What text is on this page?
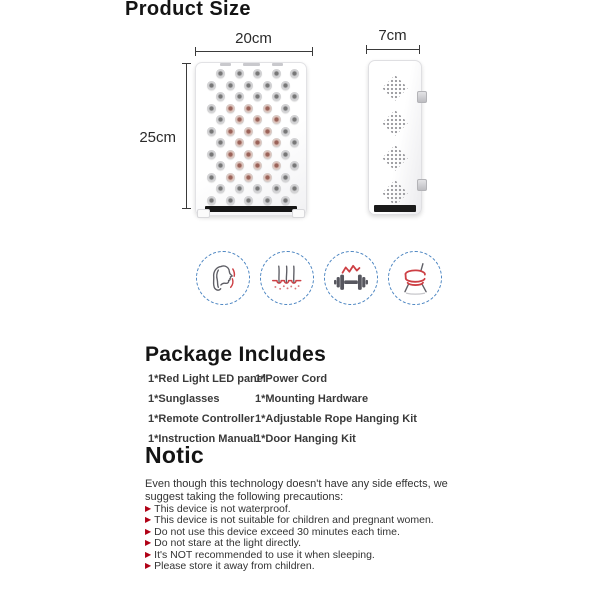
Product Size
20cm	7cm
25cm
Package Includes
1*Red Light LED panel
1*Power Cord
1*Sunglasses	1*Mounting Hardware
1*Remote Controller 1*Adjustable Rope Hanging Kit
1*Instruction Manual
1*Door Hanging Kit
Notic
Even though this technology doesn't have any side effects, we suggest taking the following precautions:
▶ This device is not waterproof.
▶ This device is not suitable for children and pregnant women.
▶ Do not use this device exceed 30 minutes each time.
▶ Do not stare at the light directly.
▶ It's NOT recommended to use it when sleeping.
▶ Please store it away from children.
